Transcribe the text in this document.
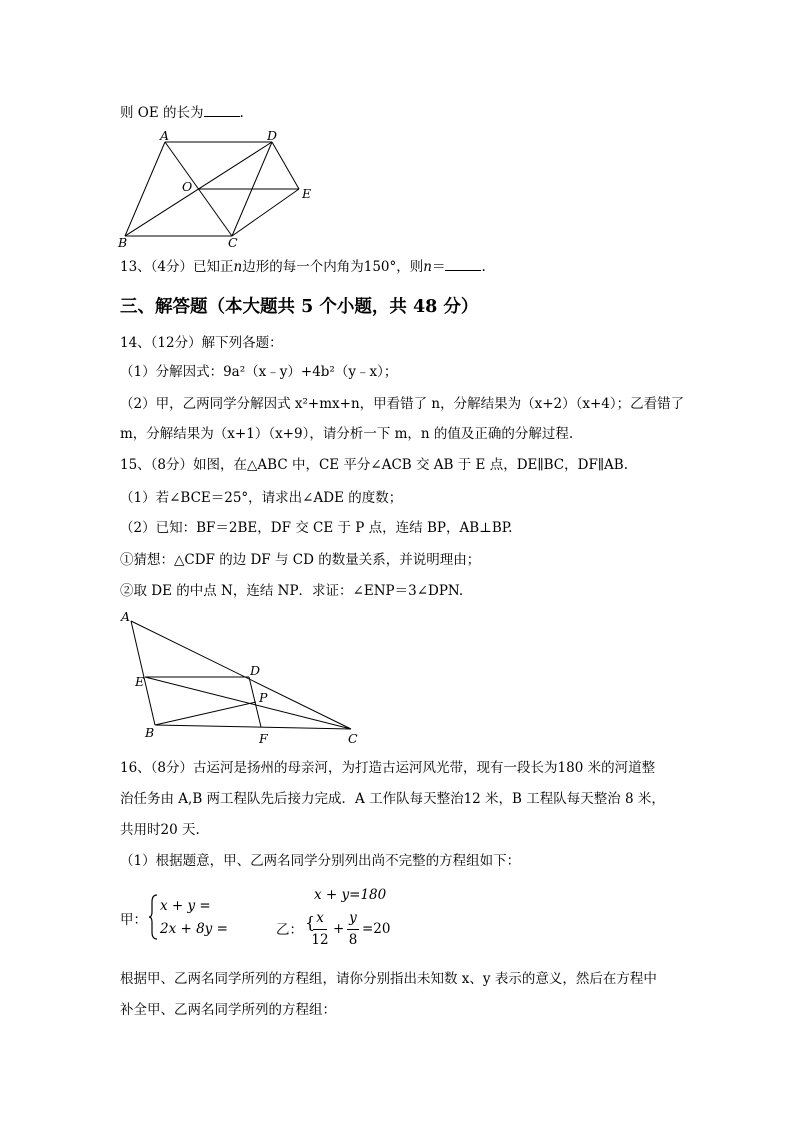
则 OE 的长为	.
A	D
O	E
B	C
13、（4分）已知正n边形的每一个内角为150°，则n＝	.
三、解答题（本大题共 5 个小题，共 48 分）
14、（12分）解下列各题：
（1）分解因式：9a²（x﹣y）+4b²（y﹣x）；
（2）甲，乙两同学分解因式 x²+mx+n，甲看错了 n，分解结果为（x+2）（x+4）；乙看错了
m，分解结果为（x+1）（x+9），请分析一下 m，n 的值及正确的分解过程.
15、（8分）如图，在△ABC 中，CE 平分∠ACB 交 AB 于 E 点，DE∥BC，DF∥AB.
（1）若∠BCE＝25°，请求出∠ADE 的度数；
（2）已知：BF＝2BE，DF 交 CE 于 P 点，连结 BP，AB⊥BP.
①猜想：△CDF 的边 DF 与 CD 的数量关系，并说明理由；
②取 DE 的中点 N，连结 NP．求证：∠ENP＝3∠DPN.
A
D
E
P
B	F	C
16、（8分）古运河是扬州的母亲河，为打造古运河风光带，现有一段长为180 米的河道整
治任务由 A,B 两工程队先后接力完成．A 工作队每天整治12 米，B 工程队每天整治 8 米，
共用时20 天.
（1）根据题意，甲、乙两名同学分别列出尚不完整的方程组如下：
甲：
x + y =
2x + 8y =	乙：
x + y=180
{ x
12
+
y
8
=20
根据甲、乙两名同学所列的方程组，请你分别指出未知数 x、y 表示的意义，然后在方程中
补全甲、乙两名同学所列的方程组：
